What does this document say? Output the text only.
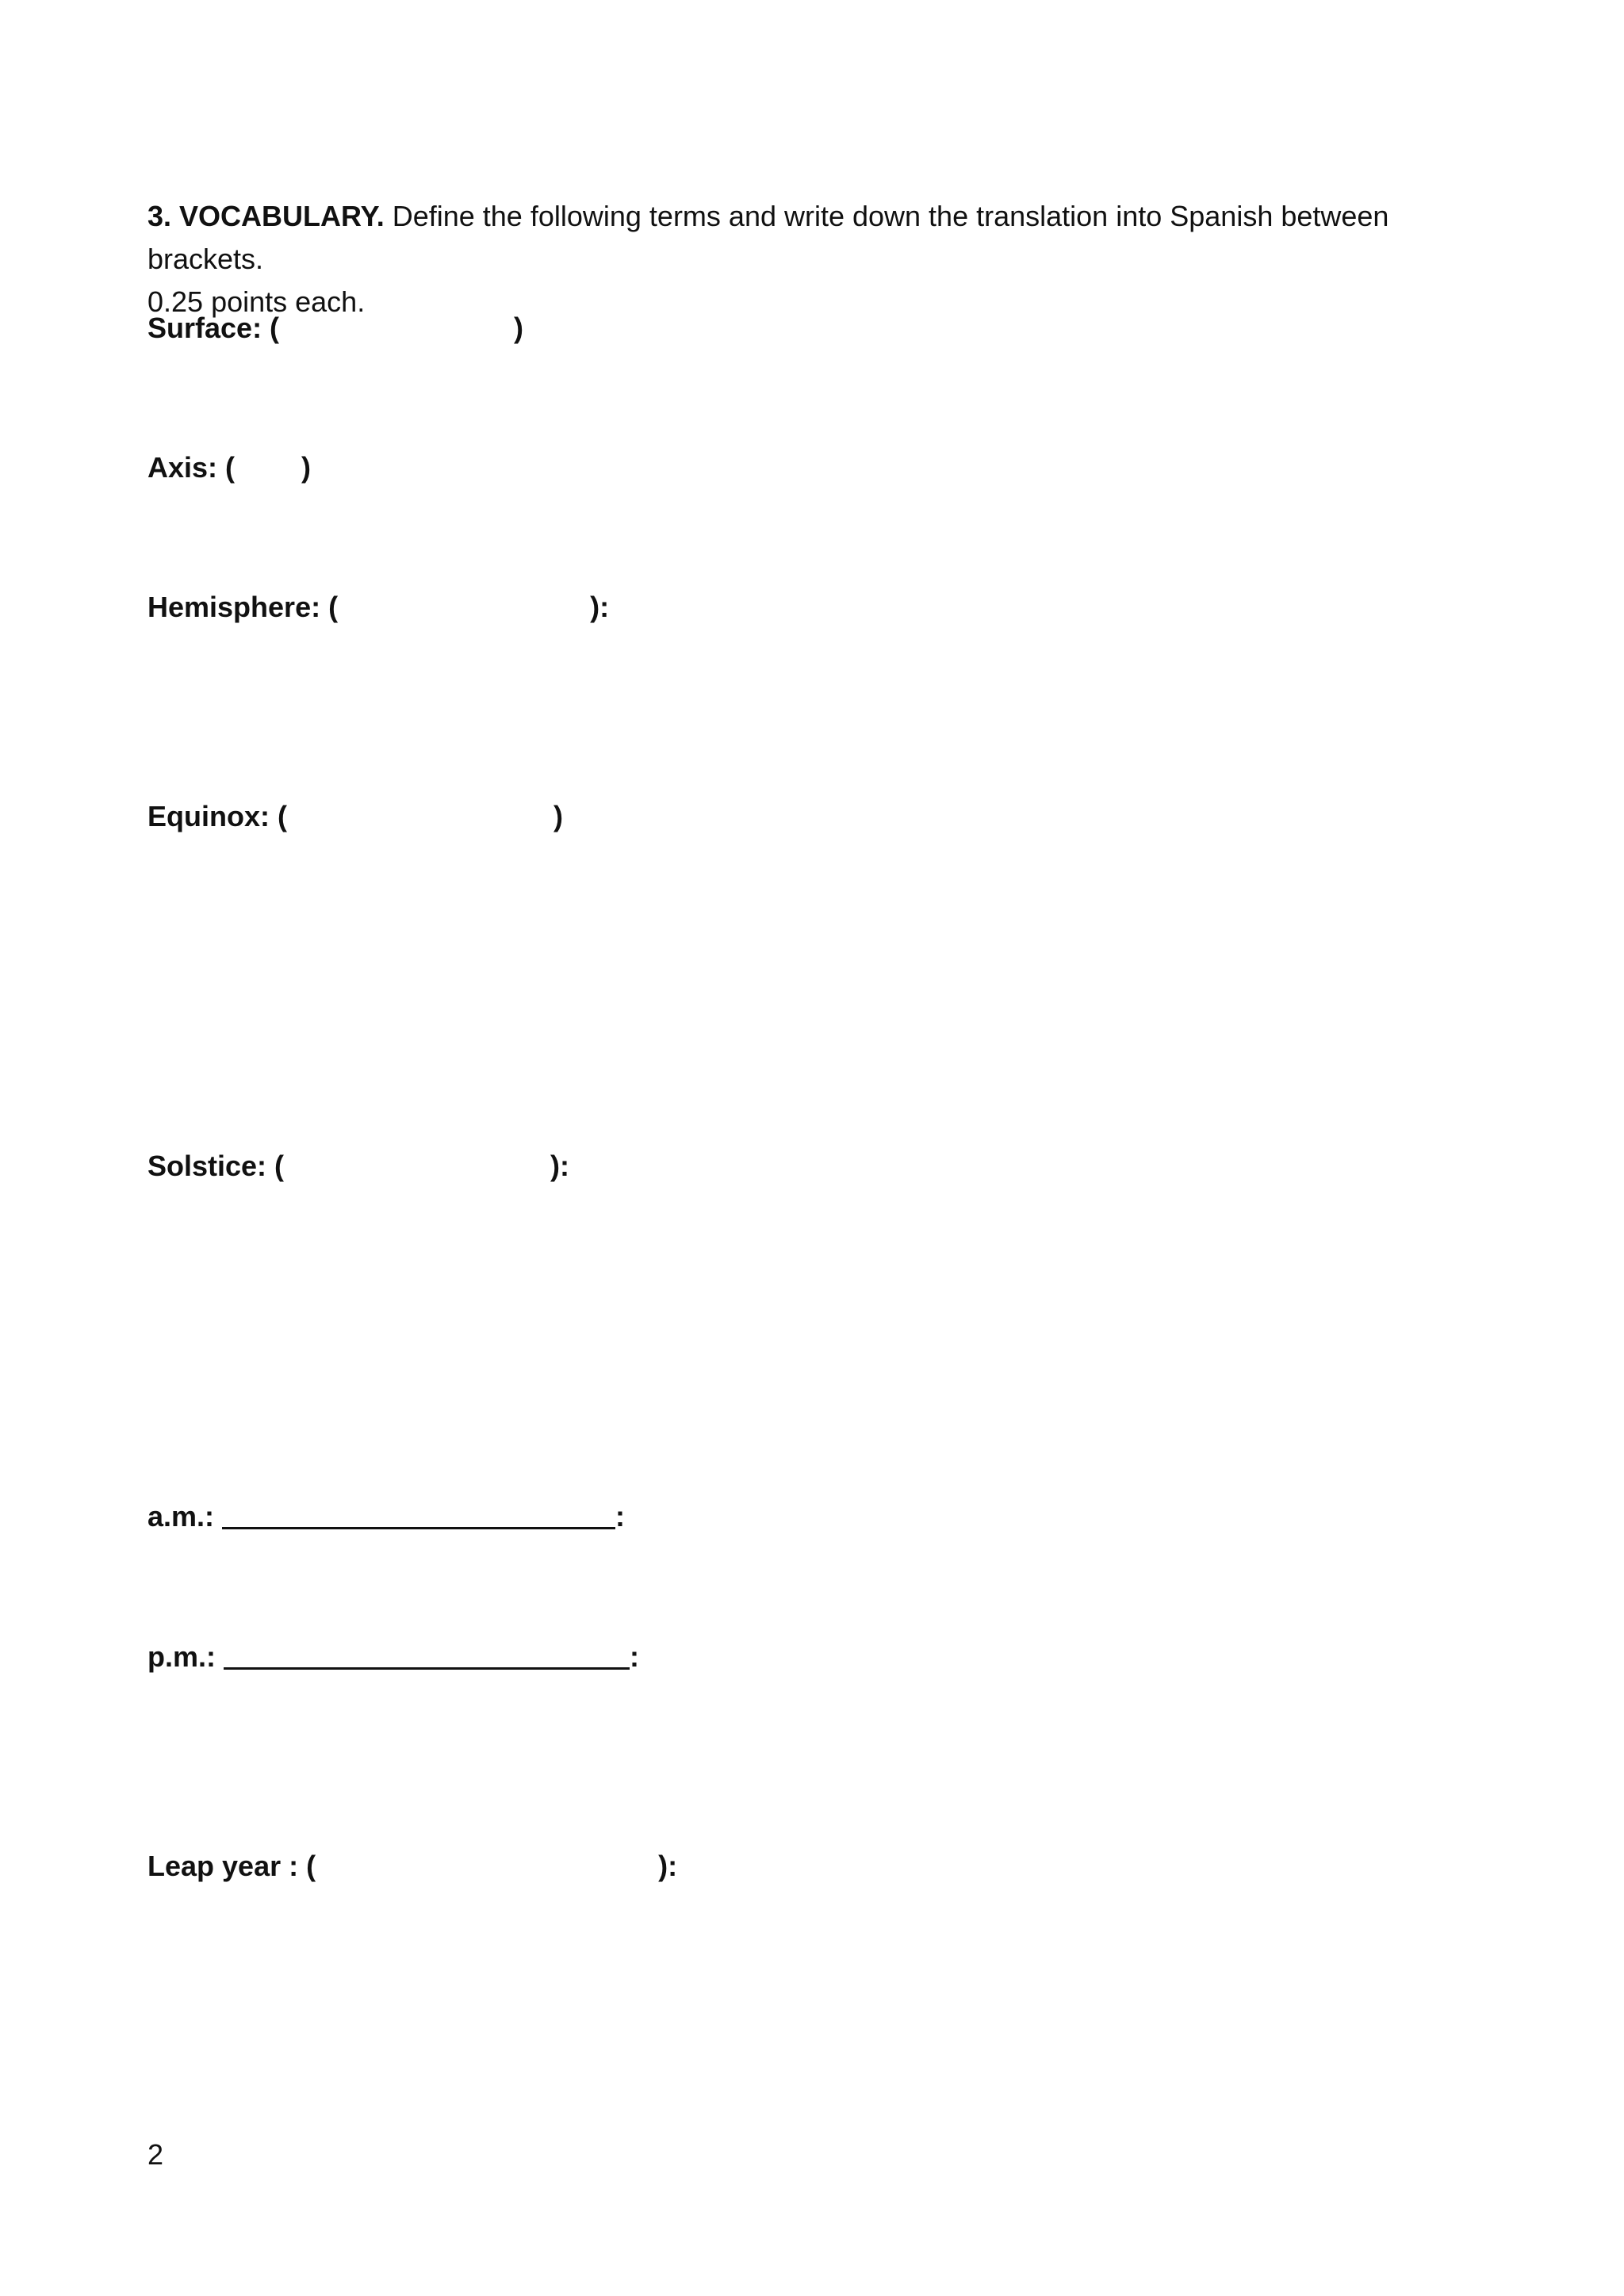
3. VOCABULARY. Define the following terms and write down the translation into Spanish between brackets.
0.25 points each.
Surface: (	)
Axis: ( )
Hemisphere: (	):
Equinox: (	)
Solstice: (	):
a.m.:	:
p.m.:	:
Leap year : (	):
2
